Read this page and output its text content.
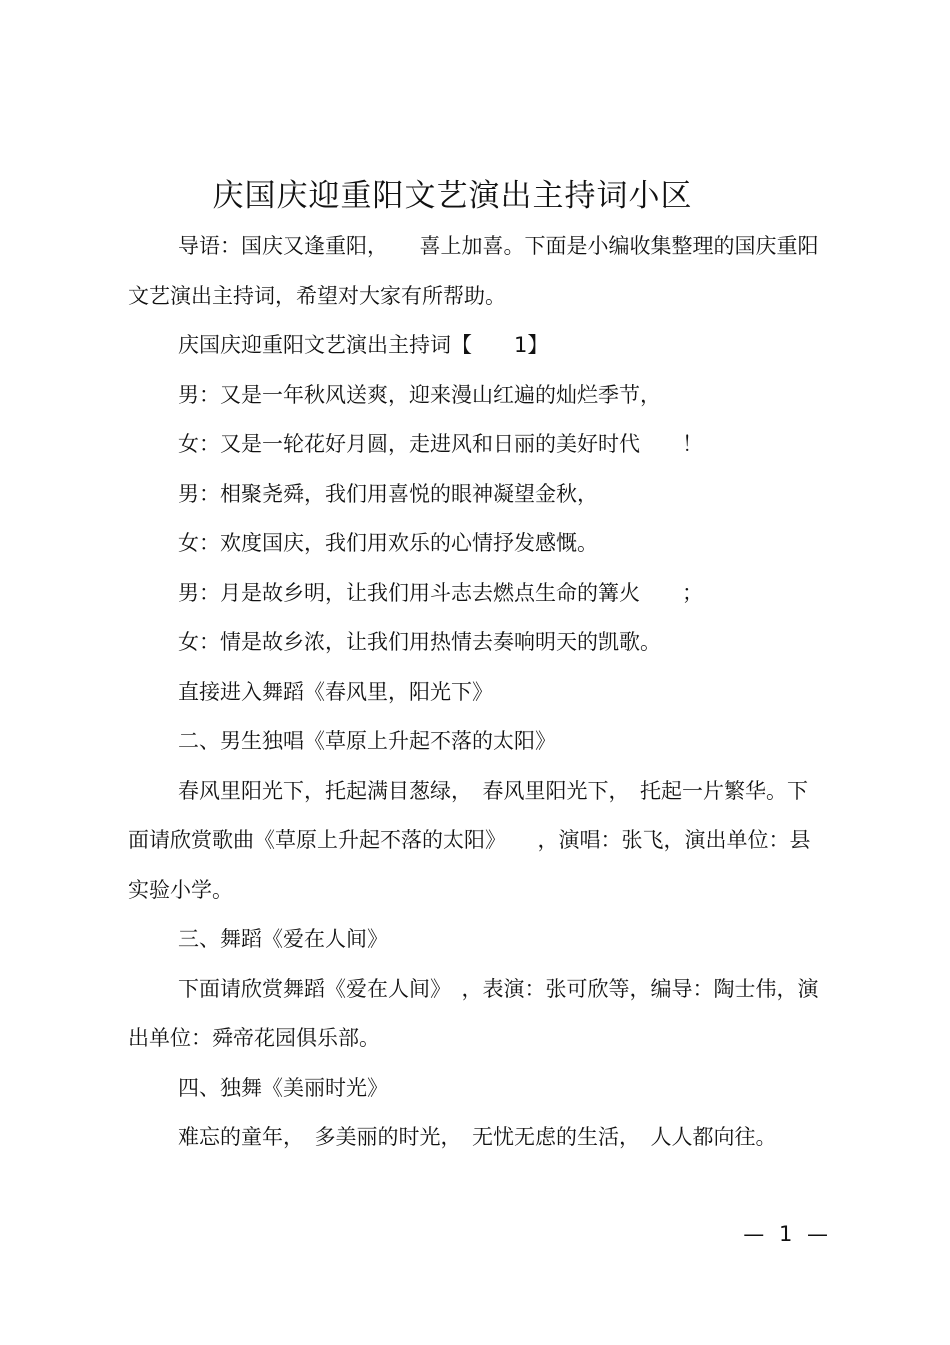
庆国庆迎重阳文艺演出主持词小区

导语：国庆又逢重阳，　　喜上加喜。下面是小编收集整理的国庆重阳文艺演出主持词，希望对大家有所帮助。

庆国庆迎重阳文艺演出主持词【　　1】

男：又是一年秋风送爽，迎来漫山红遍的灿烂季节，

女：又是一轮花好月圆，走进风和日丽的美好时代　　！

男：相聚尧舜，我们用喜悦的眼神凝望金秋，

女：欢度国庆，我们用欢乐的心情抒发感慨。

男：月是故乡明，让我们用斗志去燃点生命的篝火　　；

女：情是故乡浓，让我们用热情去奏响明天的凯歌。

直接进入舞蹈《春风里，阳光下》

二、男生独唱《草原上升起不落的太阳》

春风里阳光下，托起满目葱绿，　春风里阳光下，　托起一片繁华。下面请欣赏歌曲《草原上升起不落的太阳》　　，演唱：张飞，演出单位：县实验小学。

三、舞蹈《爱在人间》

下面请欣赏舞蹈《爱在人间》　，表演：张可欣等，编导：陶士伟，演出单位：舜帝花园俱乐部。

四、独舞《美丽时光》

难忘的童年，　多美丽的时光，　无忧无虑的生活，　人人都向往。

— 1 —
